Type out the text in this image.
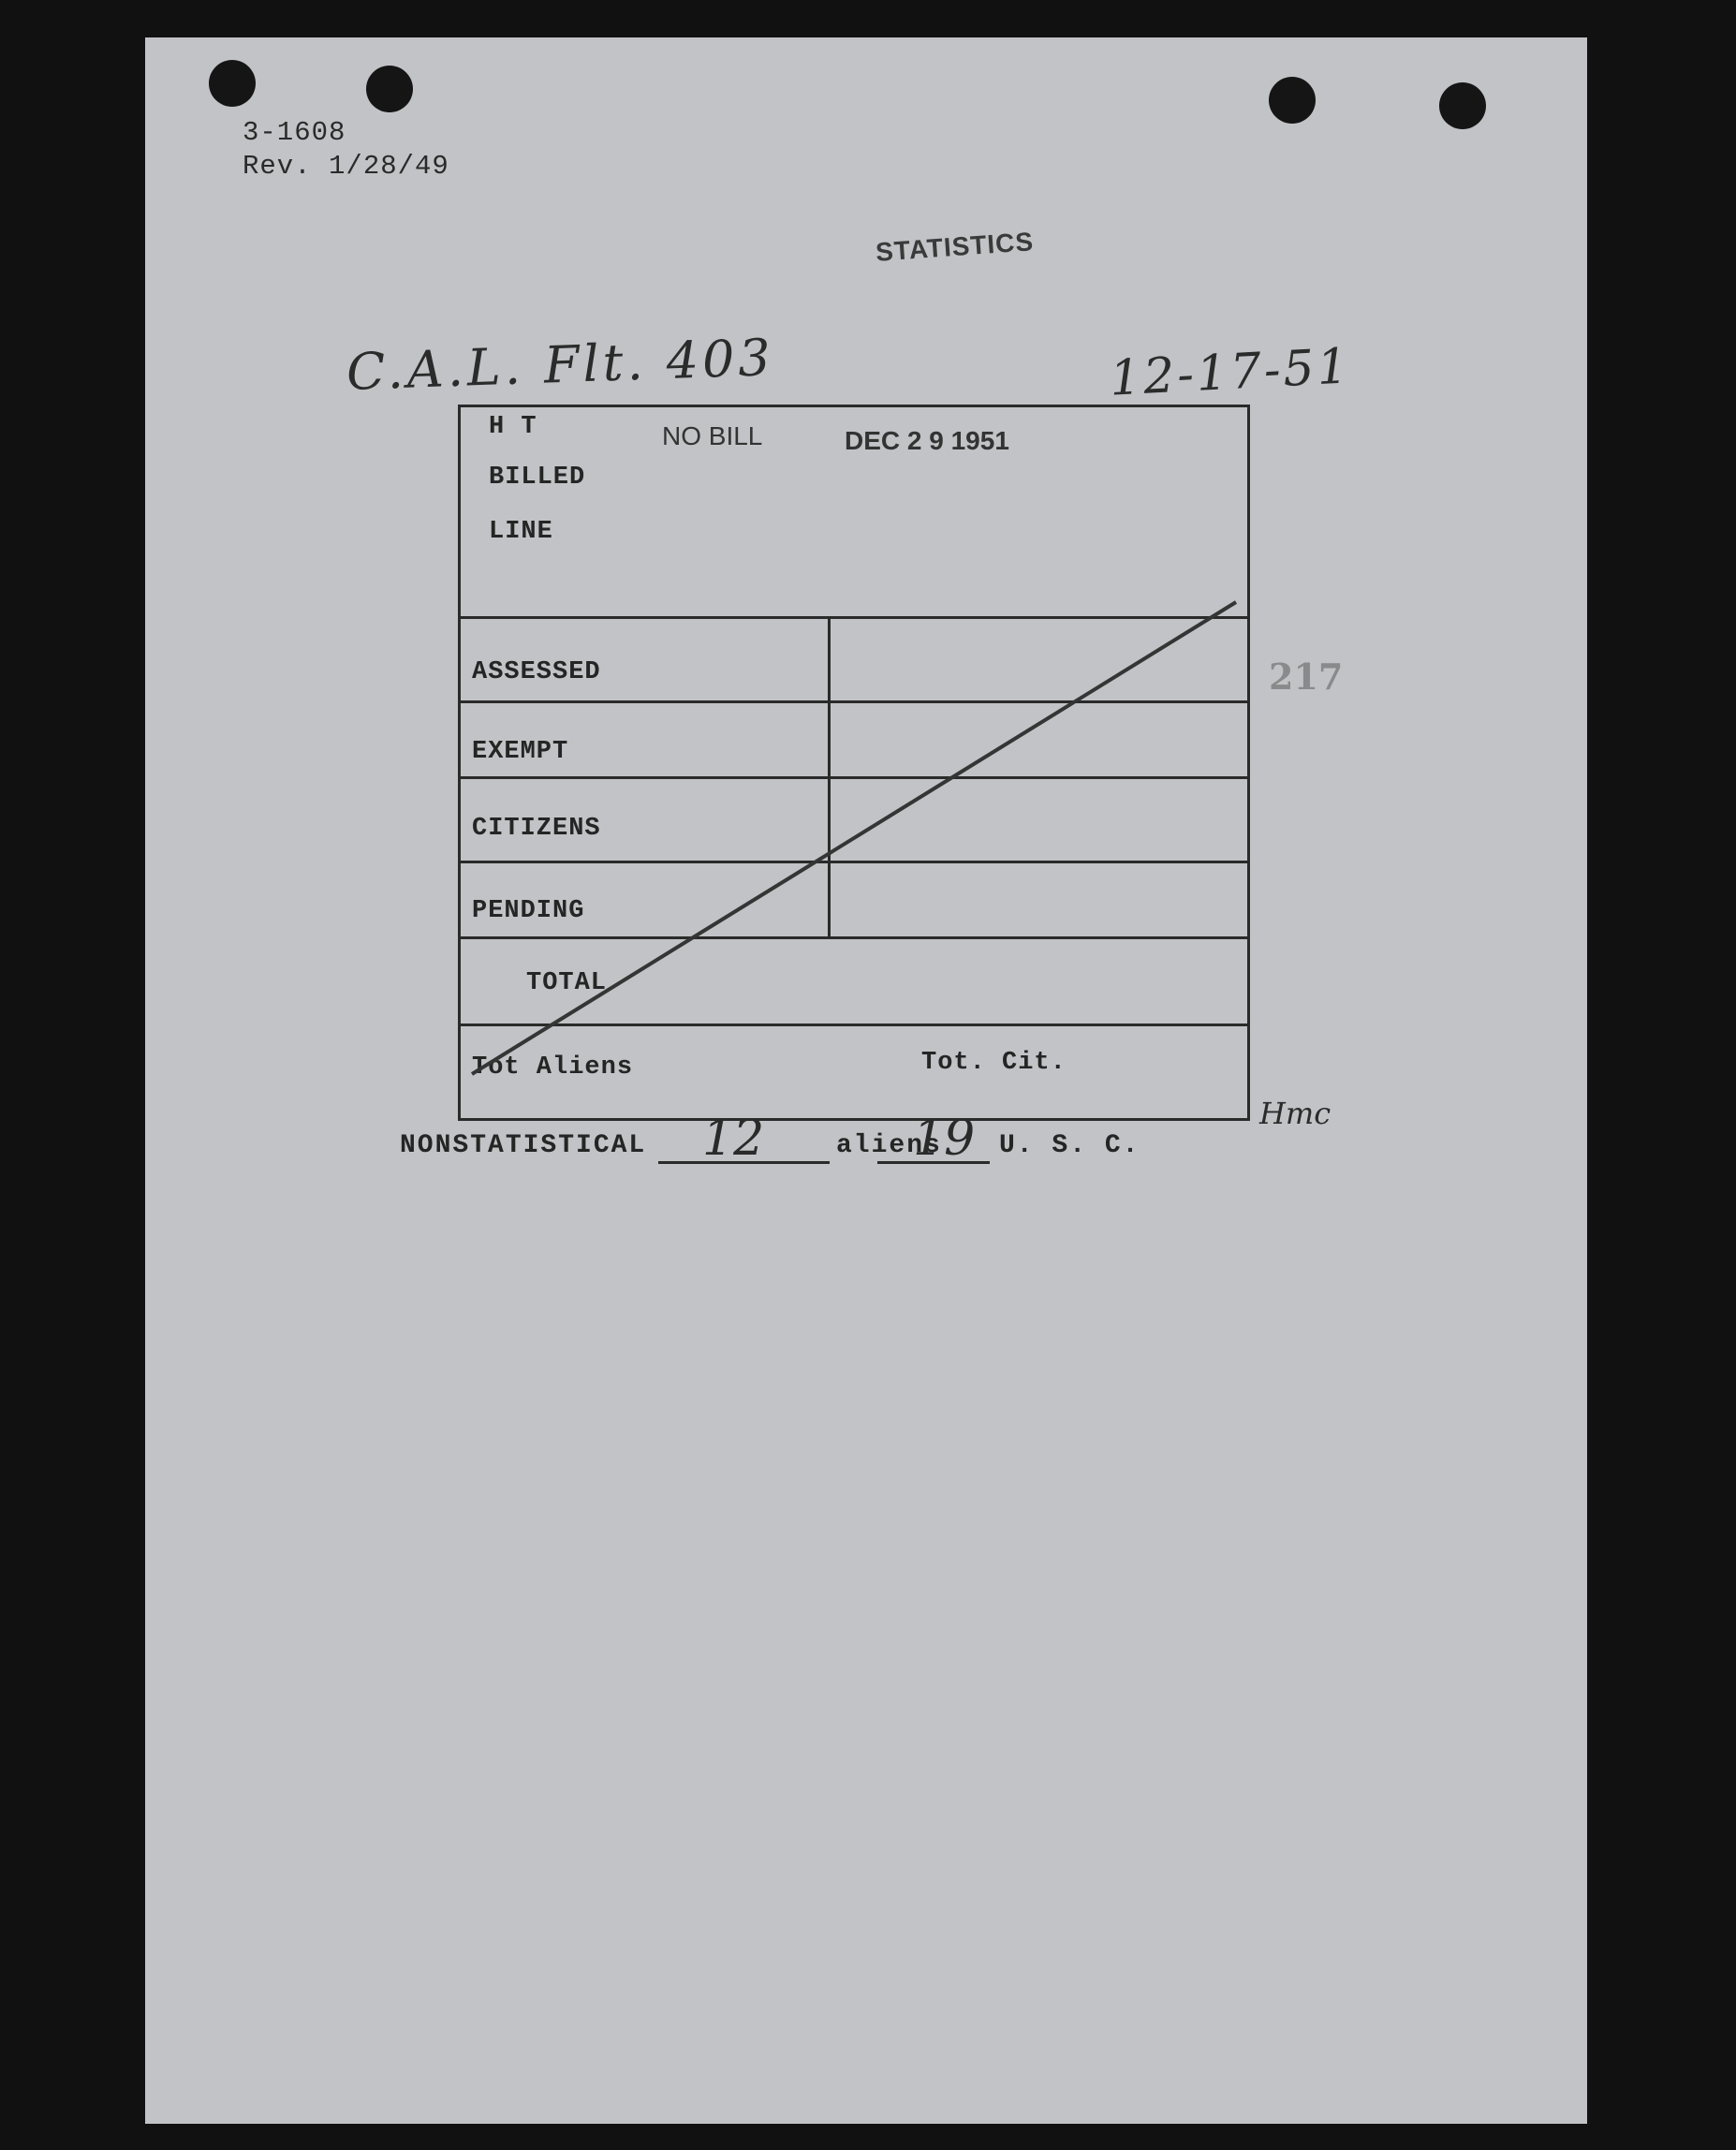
3-1608
Rev. 1/28/49
STATISTICS
C.A.L. Flt. 403	12-17-51
217
H T
BILLED
LINE
NO BILL	DEC 2 9 1951
ASSESSED
EXEMPT
CITIZENS
PENDING
TOTAL
Tot Aliens	Tot. Cit.
Hmc
NONSTATISTICAL 12	aliens
19 U. S. C.
